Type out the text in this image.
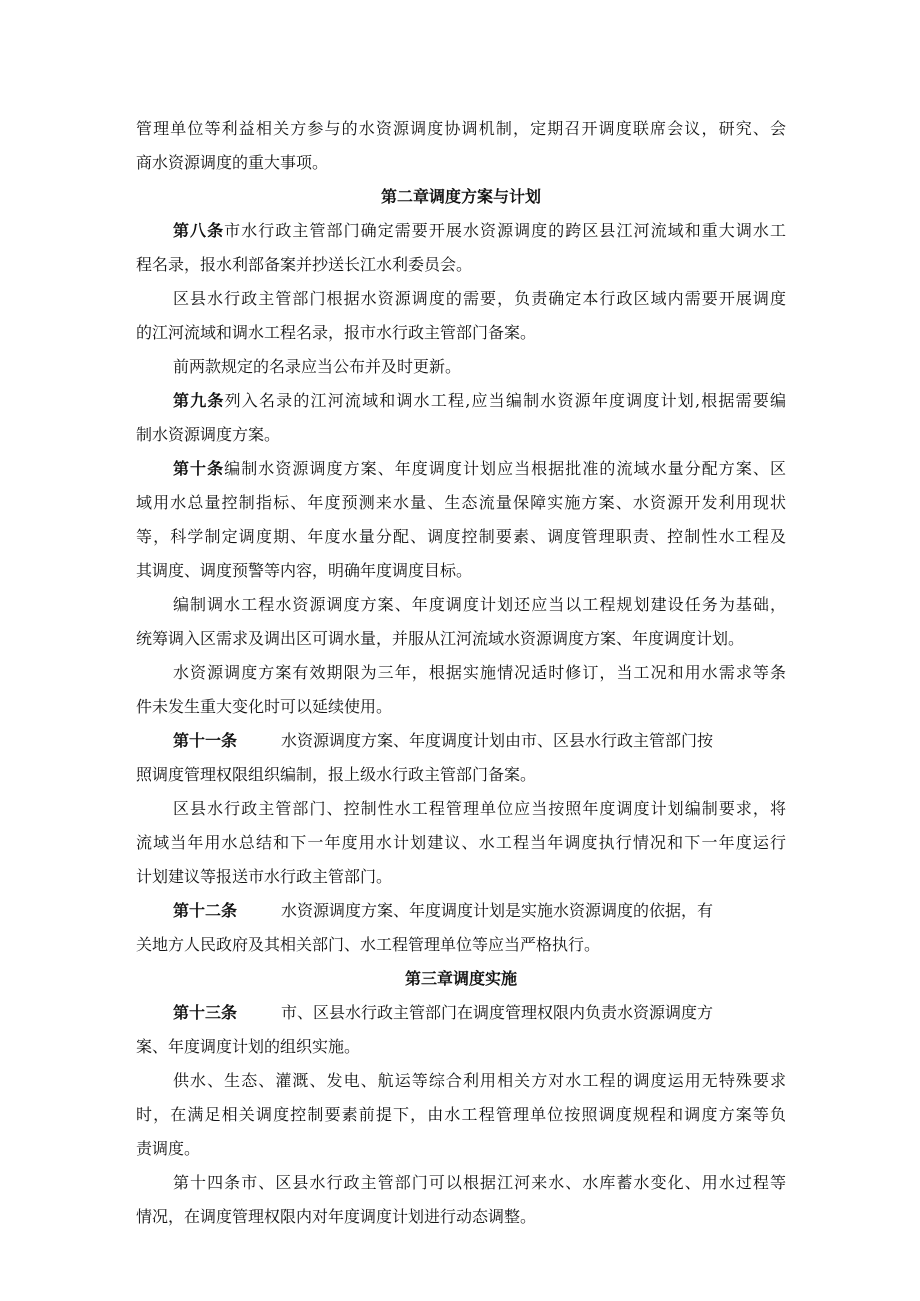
管理单位等利益相关方参与的水资源调度协调机制，定期召开调度联席会议，研究、会
商水资源调度的重大事项。
第二章调度方案与计划
第八条市水行政主管部门确定需要开展水资源调度的跨区县江河流域和重大调水工
程名录，报水利部备案并抄送长江水利委员会。
区县水行政主管部门根据水资源调度的需要，负责确定本行政区域内需要开展调度
的江河流域和调水工程名录，报市水行政主管部门备案。
前两款规定的名录应当公布并及时更新。
第九条列入名录的江河流域和调水工程,应当编制水资源年度调度计划,根据需要编
制水资源调度方案。
第十条编制水资源调度方案、年度调度计划应当根据批准的流域水量分配方案、区
域用水总量控制指标、年度预测来水量、生态流量保障实施方案、水资源开发利用现状
等，科学制定调度期、年度水量分配、调度控制要素、调度管理职责、控制性水工程及
其调度、调度预警等内容，明确年度调度目标。
编制调水工程水资源调度方案、年度调度计划还应当以工程规划建设任务为基础，
统筹调入区需求及调出区可调水量，并服从江河流域水资源调度方案、年度调度计划。
水资源调度方案有效期限为三年，根据实施情况适时修订，当工况和用水需求等条
件未发生重大变化时可以延续使用。
第十一条	水资源调度方案、年度调度计划由市、区县水行政主管部门按
照调度管理权限组织编制，报上级水行政主管部门备案。
区县水行政主管部门、控制性水工程管理单位应当按照年度调度计划编制要求，将
流域当年用水总结和下一年度用水计划建议、水工程当年调度执行情况和下一年度运行
计划建议等报送市水行政主管部门。
第十二条	水资源调度方案、年度调度计划是实施水资源调度的依据，有
关地方人民政府及其相关部门、水工程管理单位等应当严格执行。
第三章调度实施
第十三条	市、区县水行政主管部门在调度管理权限内负责水资源调度方
案、年度调度计划的组织实施。
供水、生态、灌溉、发电、航运等综合利用相关方对水工程的调度运用无特殊要求
时，在满足相关调度控制要素前提下，由水工程管理单位按照调度规程和调度方案等负
责调度。
第十四条市、区县水行政主管部门可以根据江河来水、水库蓄水变化、用水过程等
情况，在调度管理权限内对年度调度计划进行动态调整。
